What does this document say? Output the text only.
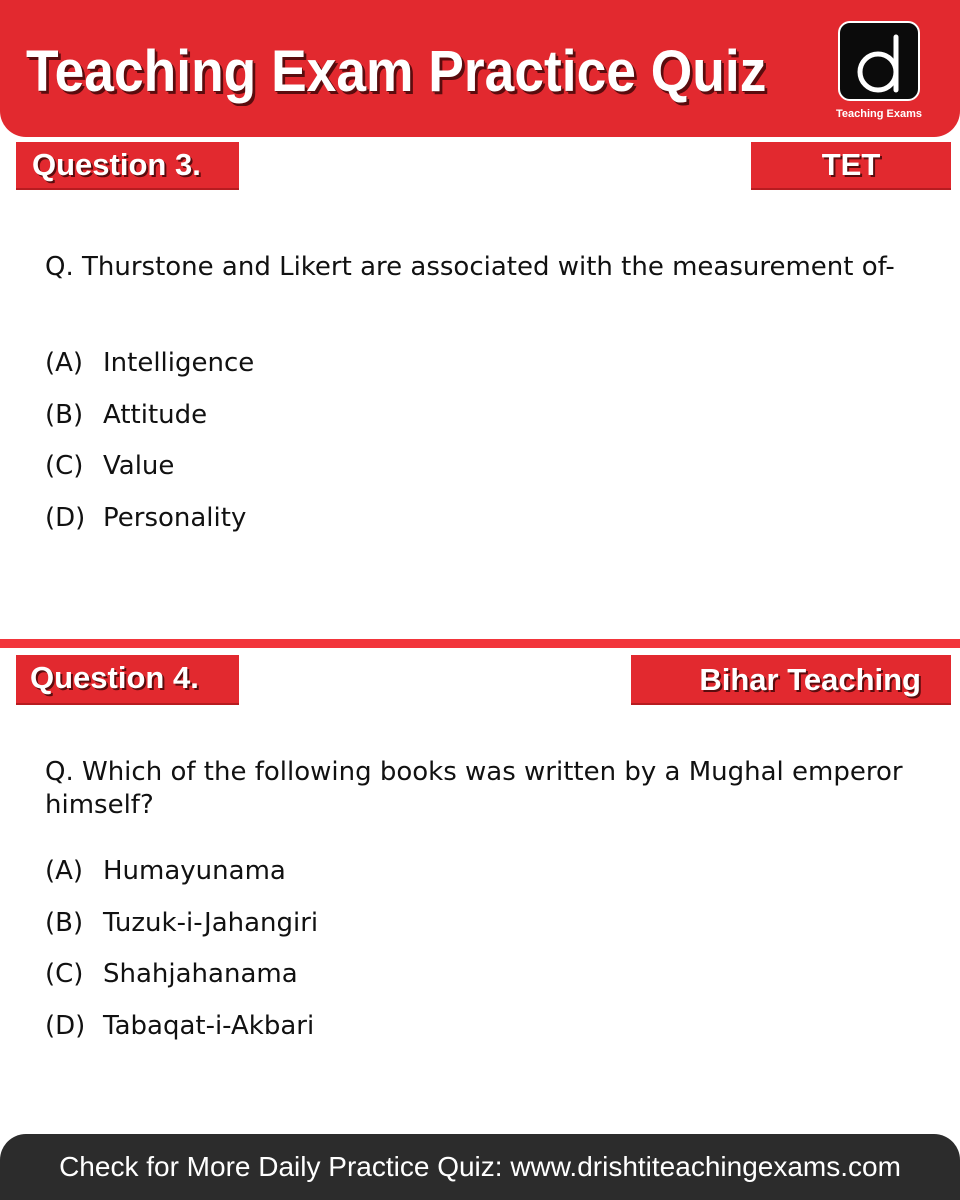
Teaching Exam Practice Quiz
Teaching Exams
Question 3.	TET
Q. Thurstone and Likert are associated with the measurement of-
(A) Intelligence
(B) Attitude
(C) Value
(D) Personality
Question 4.	Bihar Teaching
Q. Which of the following books was written by a Mughal emperor himself?
(A) Humayunama
(B) Tuzuk-i-Jahangiri
(C) Shahjahanama
(D) Tabaqat-i-Akbari
Check for More Daily Practice Quiz: www.drishtiteachingexams.com
